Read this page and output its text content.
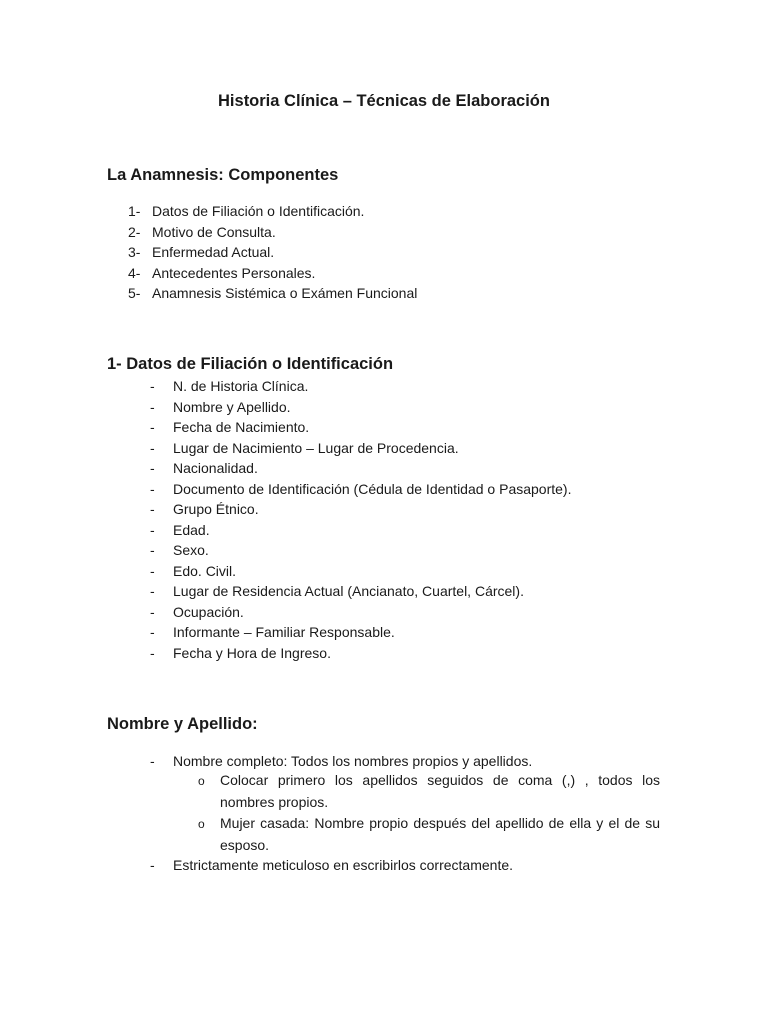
Historia Clínica – Técnicas de Elaboración
La Anamnesis: Componentes
1- Datos de Filiación o Identificación.
2- Motivo de Consulta.
3- Enfermedad Actual.
4- Antecedentes Personales.
5- Anamnesis Sistémica o Exámen Funcional
1- Datos de Filiación o Identificación
- N. de Historia Clínica.
- Nombre y Apellido.
- Fecha de Nacimiento.
- Lugar de Nacimiento – Lugar de Procedencia.
- Nacionalidad.
- Documento de Identificación (Cédula de Identidad o Pasaporte).
- Grupo Étnico.
- Edad.
- Sexo.
- Edo. Civil.
- Lugar de Residencia Actual (Ancianato, Cuartel, Cárcel).
- Ocupación.
- Informante – Familiar Responsable.
- Fecha y Hora de Ingreso.
Nombre y Apellido:
- Nombre completo: Todos los nombres propios y apellidos.
o Colocar primero los apellidos seguidos de coma (,) , todos los nombres propios.
o Mujer casada: Nombre propio después del apellido de ella y el de su esposo.
- Estrictamente meticuloso en escribirlos correctamente.
